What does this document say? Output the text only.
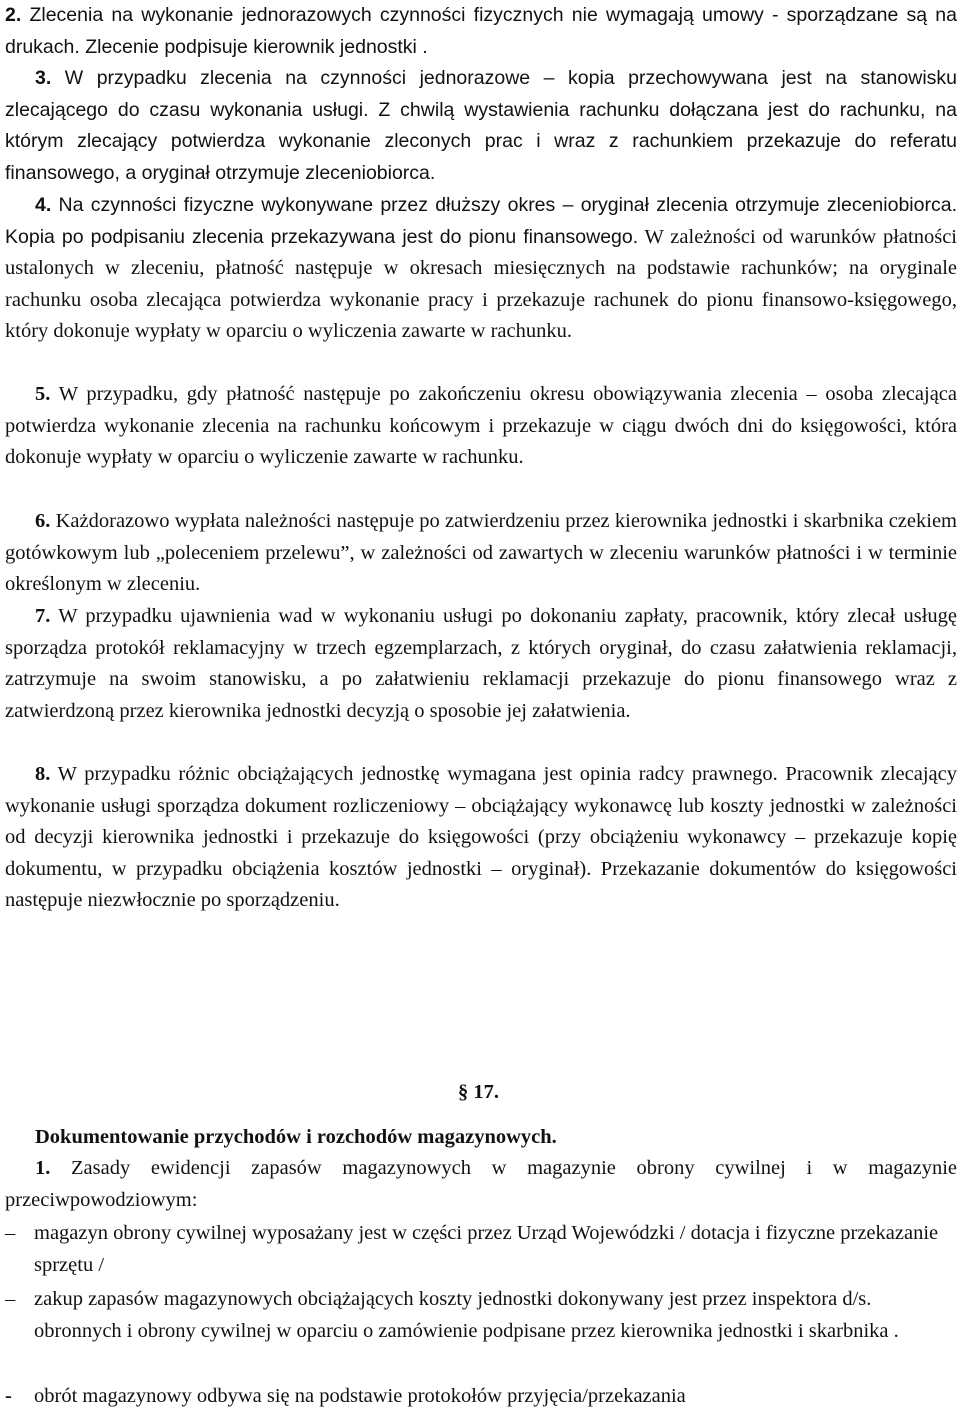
2. Zlecenia na wykonanie jednorazowych czynności fizycznych nie wymagają umowy - sporządzane są na drukach. Zlecenie podpisuje kierownik jednostki .
3. W przypadku zlecenia na czynności jednorazowe – kopia przechowywana jest na stanowisku zlecającego do czasu wykonania usługi. Z chwilą wystawienia rachunku dołączana jest do rachunku, na którym zlecający potwierdza wykonanie zleconych prac i wraz z rachunkiem przekazuje do referatu finansowego, a oryginał otrzymuje zleceniobiorca.
4. Na czynności fizyczne wykonywane przez dłuższy okres – oryginał zlecenia otrzymuje zleceniobiorca. Kopia po podpisaniu zlecenia przekazywana jest do pionu finansowego. W zależności od warunków płatności ustalonych w zleceniu, płatność następuje w okresach miesięcznych na podstawie rachunków; na oryginale rachunku osoba zlecająca potwierdza wykonanie pracy i przekazuje rachunek do pionu finansowo-księgowego, który dokonuje wypłaty w oparciu o wyliczenia zawarte w rachunku.
5. W przypadku, gdy płatność następuje po zakończeniu okresu obowiązywania zlecenia – osoba zlecająca potwierdza wykonanie zlecenia na rachunku końcowym i przekazuje w ciągu dwóch dni do księgowości, która dokonuje wypłaty w oparciu o wyliczenie zawarte w rachunku.
6. Każdorazowo wypłata należności następuje po zatwierdzeniu przez kierownika jednostki i skarbnika czekiem gotówkowym lub „poleceniem przelewu”, w zależności od zawartych w zleceniu warunków płatności i w terminie określonym w zleceniu.
7. W przypadku ujawnienia wad w wykonaniu usługi po dokonaniu zapłaty, pracownik, który zlecał usługę sporządza protokół reklamacyjny w trzech egzemplarzach, z których oryginał, do czasu załatwienia reklamacji, zatrzymuje na swoim stanowisku, a po załatwieniu reklamacji przekazuje do pionu finansowego wraz z zatwierdzoną przez kierownika jednostki decyzją o sposobie jej załatwienia.
8. W przypadku różnic obciążających jednostkę wymagana jest opinia radcy prawnego. Pracownik zlecający wykonanie usługi sporządza dokument rozliczeniowy – obciążający wykonawcę lub koszty jednostki w zależności od decyzji kierownika jednostki i przekazuje do księgowości (przy obciążeniu wykonawcy – przekazuje kopię dokumentu, w przypadku obciążenia kosztów jednostki – oryginał). Przekazanie dokumentów do księgowości następuje niezwłocznie po sporządzeniu.
§ 17.
Dokumentowanie przychodów i rozchodów magazynowych.
1. Zasady ewidencji zapasów magazynowych w magazynie obrony cywilnej i w magazynie przeciwpowodziowym:
– magazyn obrony cywilnej wyposażany jest w części przez Urząd Wojewódzki / dotacja i fizyczne przekazanie sprzętu /
– zakup zapasów magazynowych obciążających koszty jednostki dokonywany jest przez inspektora d/s. obronnych i obrony cywilnej w oparciu o zamówienie podpisane przez kierownika jednostki i skarbnika .
-	obrót magazynowy odbywa się na podstawie protokołów przyjęcia/przekazania
